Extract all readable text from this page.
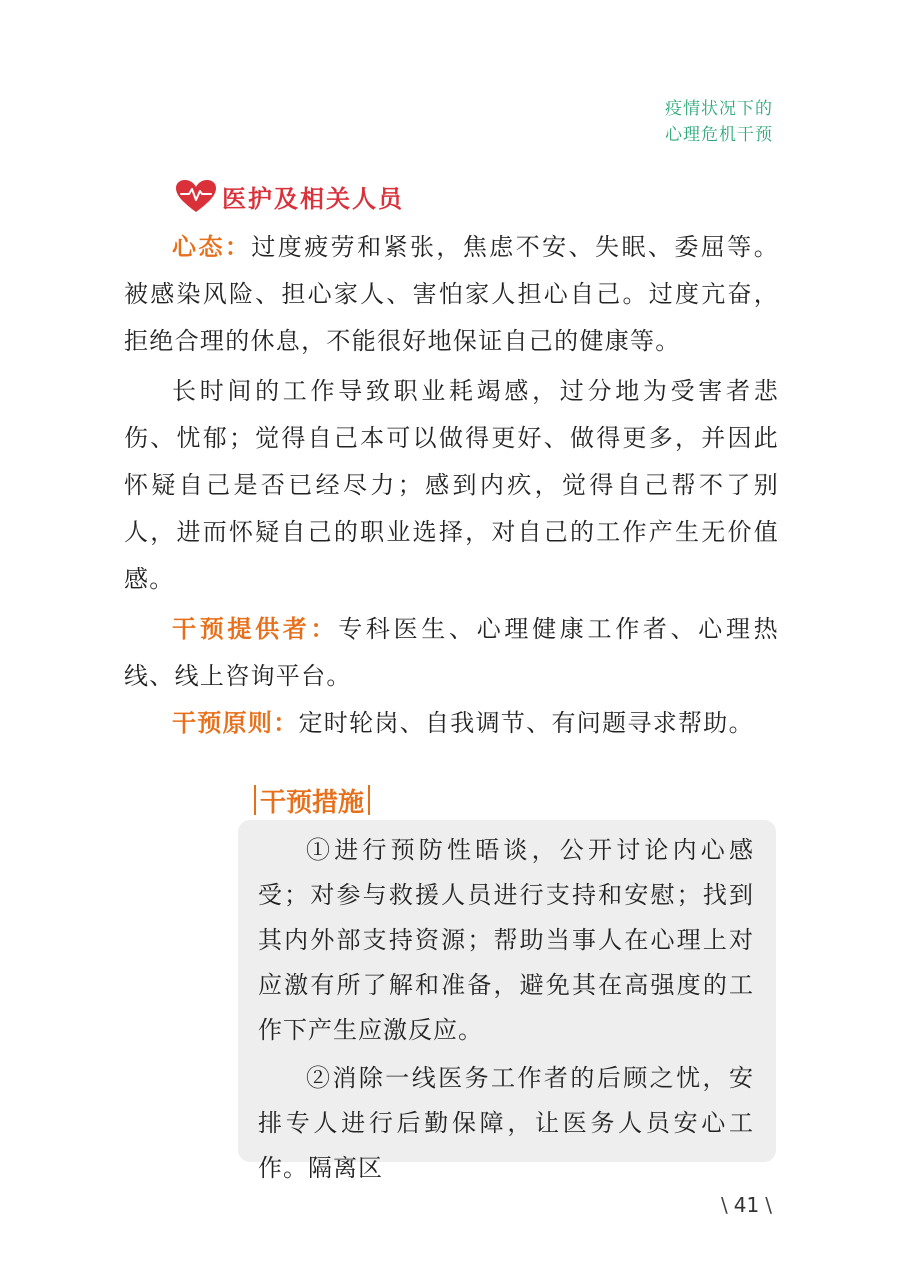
疫情状况下的
心理危机干预
医护及相关人员

心态：过度疲劳和紧张，焦虑不安、失眠、委屈等。被感染风险、担心家人、害怕家人担心自己。过度亢奋，拒绝合理的休息，不能很好地保证自己的健康等。

长时间的工作导致职业耗竭感，过分地为受害者悲伤、忧郁；觉得自己本可以做得更好、做得更多，并因此怀疑自己是否已经尽力；感到内疚，觉得自己帮不了别人，进而怀疑自己的职业选择，对自己的工作产生无价值感。

干预提供者：专科医生、心理健康工作者、心理热线、线上咨询平台。

干预原则：定时轮岗、自我调节、有问题寻求帮助。

干预措施

①进行预防性晤谈，公开讨论内心感受；对参与救援人员进行支持和安慰；找到其内外部支持资源；帮助当事人在心理上对应激有所了解和准备，避免其在高强度的工作下产生应激反应。

②消除一线医务工作者的后顾之忧，安排专人进行后勤保障，让医务人员安心工作。隔离区

\ 41 \
